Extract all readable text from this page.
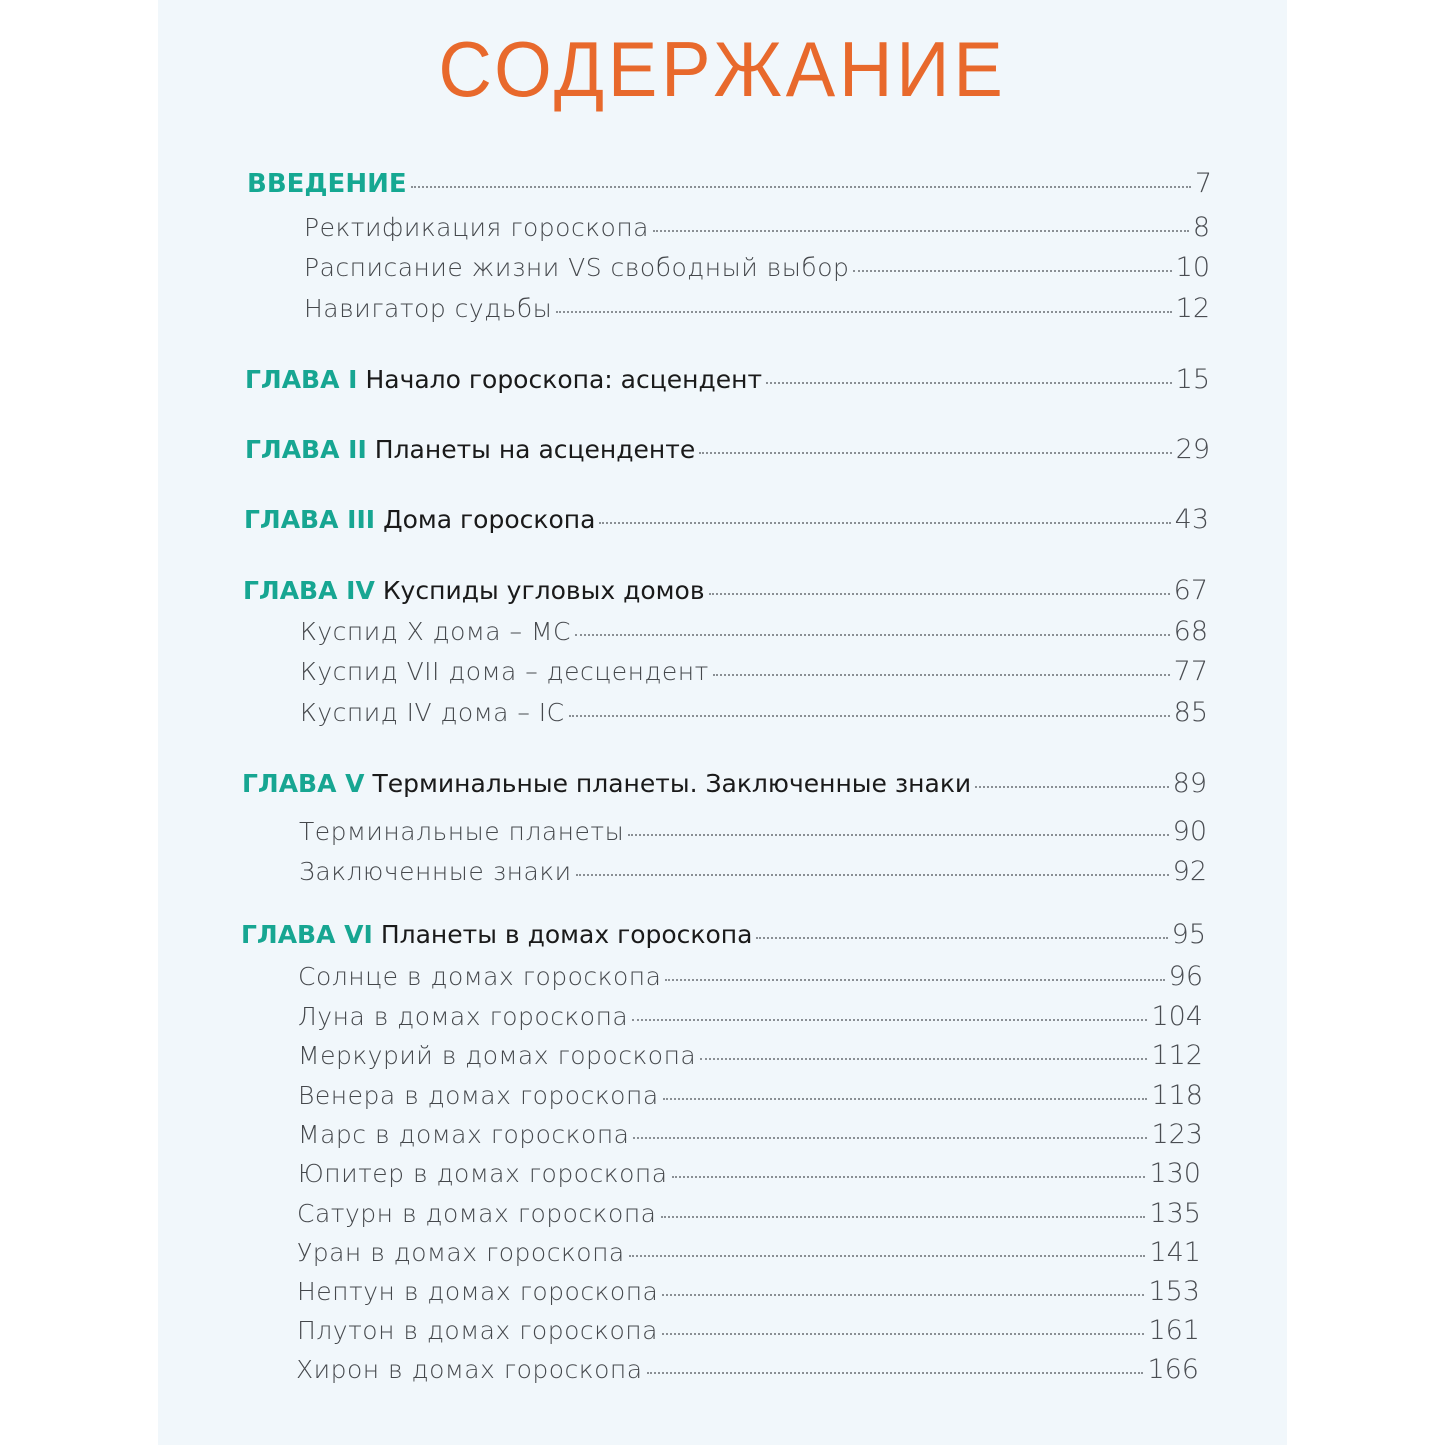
СОДЕРЖАНИЕ
ВВЕДЕНИЕ	7
Ректификация гороскопа	8
Расписание жизни VS свободный выбор	10
Навигатор судьбы	12
ГЛАВА I Начало гороскопа: асцендент	15
ГЛАВА II Планеты на асценденте	29
ГЛАВА III Дома гороскопа	43
ГЛАВА IV Куспиды угловых домов	67
Куспид X дома – MC	68
Куспид VII дома – десцендент	77
Куспид IV дома – IC	85
ГЛАВА V Терминальные планеты. Заключенные знаки	89
Терминальные планеты	90
Заключенные знаки	92
ГЛАВА VI Планеты в домах гороскопа	95
Солнце в домах гороскопа	96
Луна в домах гороскопа	104
Меркурий в домах гороскопа	112
Венера в домах гороскопа	118
Марс в домах гороскопа	123
Юпитер в домах гороскопа	130
Сатурн в домах гороскопа	135
Уран в домах гороскопа	141
Нептун в домах гороскопа	153
Плутон в домах гороскопа	161
Хирон в домах гороскопа	166
